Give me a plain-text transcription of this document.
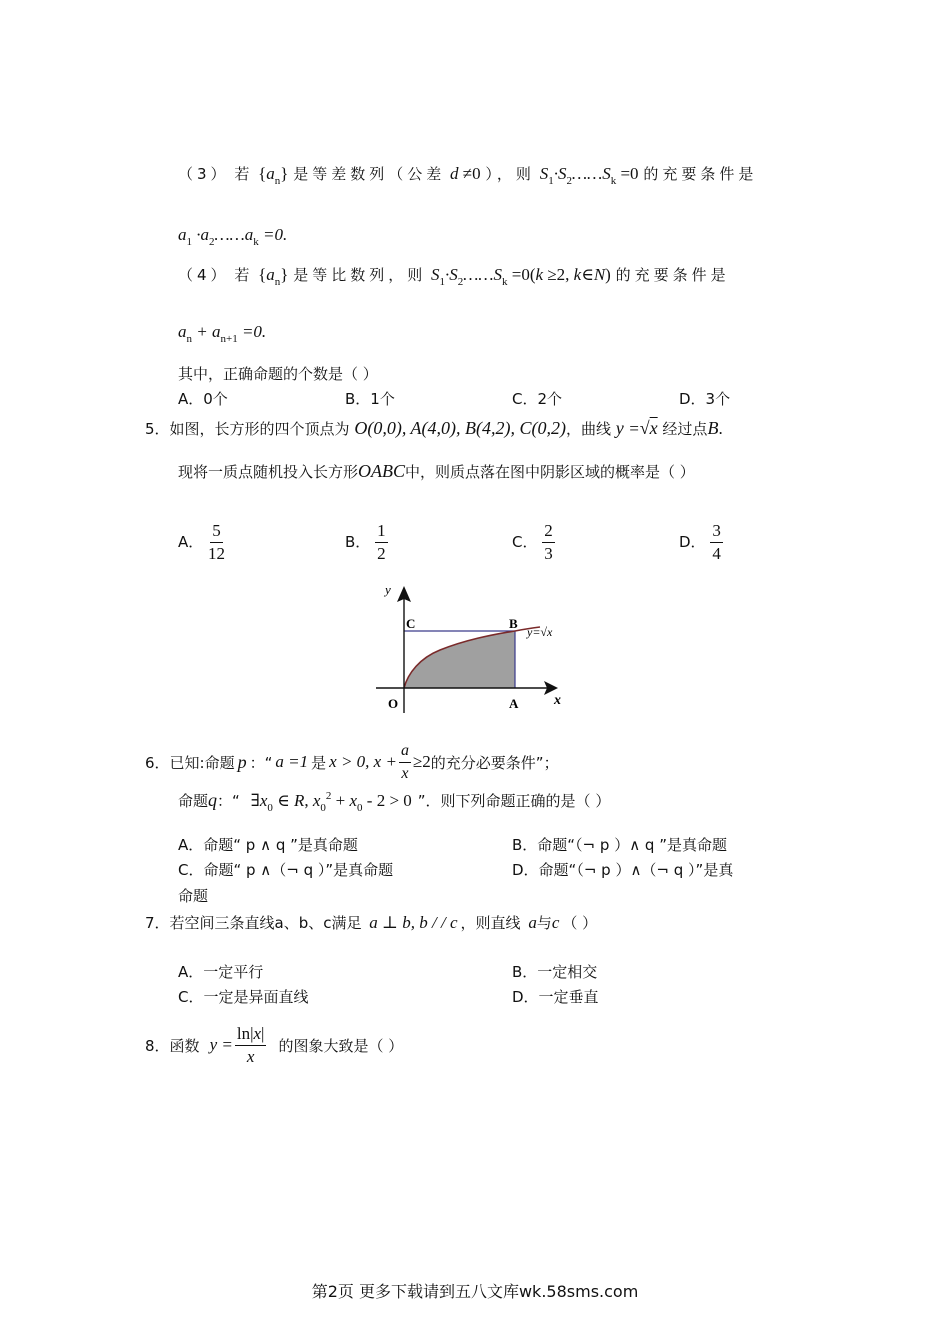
（3） 若 $\{a_n\}$ 是等差数列（公差 d ≠0 ），则 $S_1\cdot S_2\dots\dots S_k =0$ 的充要条件是
$a_1$ $\cdot a_2\dots\dots a_k =0$.
（4） 若 $\{a_n\}$ 是等比数列，则 $S_1\cdot S_2\dots\dots S_k =0(k \ge 2$, k∈N) 的充要条件是
$a_n + a_{n+1} =0$.
其中，正确命题的个数是（ ）
A．0个	B．1个	C．2个	D．3个
5．如图，长方形的四个顶点为 O(0,0), A(4,0), B(4,2), C(0,2)，曲线 y =√x 经过点B.
现将一质点随机投入长方形OABC中，则质点落在图中阴影区域的概率是（ ）
A． $\frac{5}{12}$	B． $\frac{1}{2}$	C． $\frac{2}{3}$	D． $\frac{3}{4}$
y
x
O	A
B
C
y=√x
6． 已知:命题 p ：“ a =1 是 x > 0, $x + \frac{a}{x} \ge 2$ 的充分必要条件”；
命题q：“ $\exists x_0$ ∈ R, $x_0^2 + x_0 - 2 > 0$ ”．则下列命题正确的是（ ）
A．命题“ p ∧ q ”是真命题	B．命题“（¬ p ）∧ q ”是真命题
C．命题“ p ∧（¬ q ）”是真命题	D．命题“（¬ p ）∧（¬ q ）”是真
命题
7．若空间三条直线a、b、c满足 a ⊥ b, b / / c ，则直线 a与c （ ）
A．一定平行	B．一定相交
C．一定是异面直线	D．一定垂直
8． 函数 $y = \frac{\ln|x|}{x}$ 的图象大致是（ ）
第2页 更多下载请到五八文库wk.58sms.com
